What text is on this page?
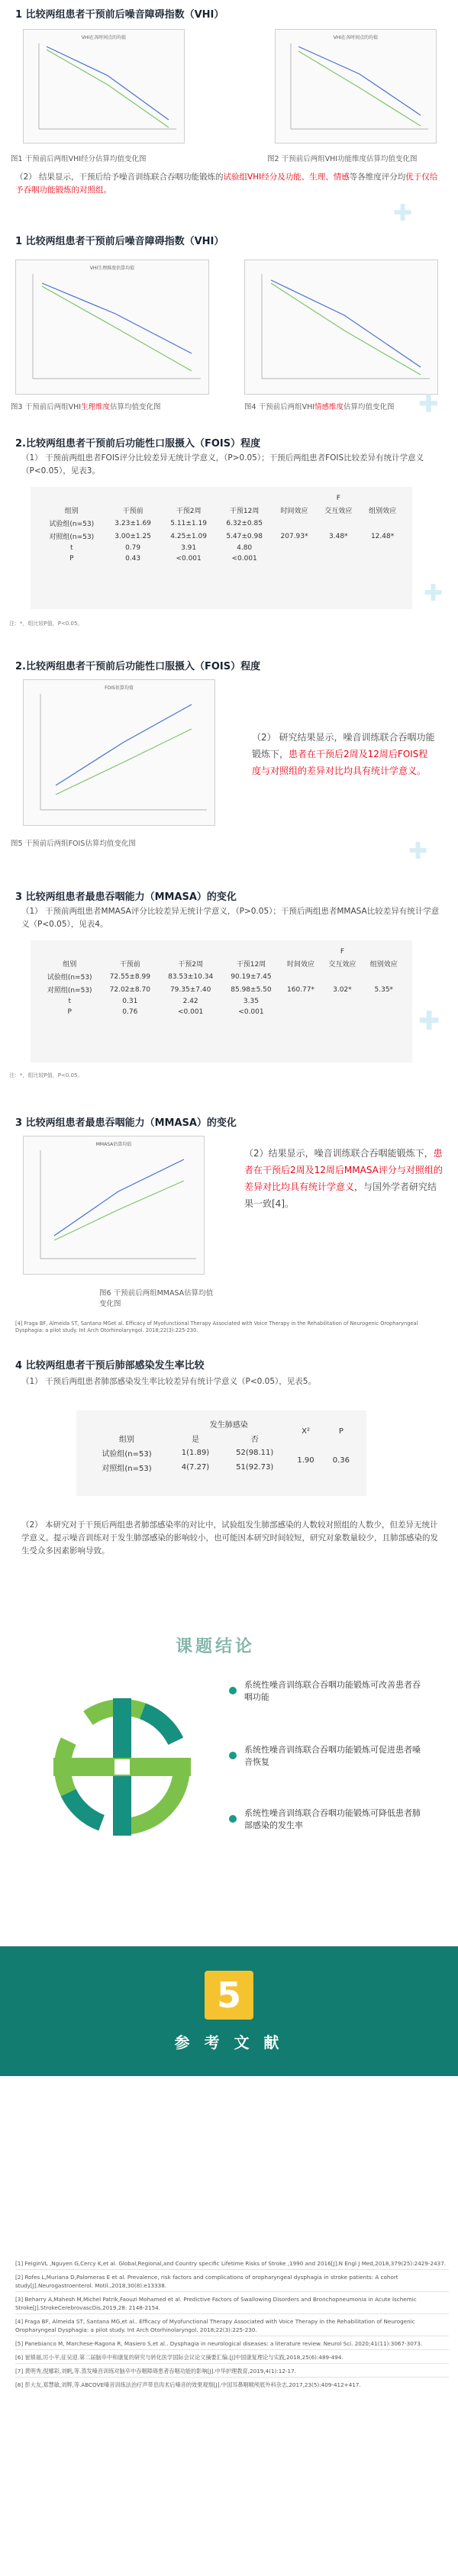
1 比较两组患者干预前后噪音障碍指数（VHI）
VHI在各时间点的均值	VHI在各时间点的均值
图1 干预前后两组VHI经分估算均值变化图	图2 干预前后两组VHI功能维度估算均值变化图
（2） 结果显示，干预后给予噪音训练联合吞咽功能锻炼的试验组VHI经分及功能、生理、情感等各维度评分均优于仅给予吞咽功能锻炼的对照组。
✚
1 比较两组患者干预前后噪音障碍指数（VHI）
VHI生理维度估算均值
图3 干预前后两组VHI生理维度估算均值变化图	图4 干预前后两组VHI情感维度估算均值变化图 ✚
2.比较两组患者干预前后功能性口服摄入（FOIS）程度
（1） 干预前两组患者FOIS评分比较差异无统计学意义，（P>0.05）；干预后两组患者FOIS比较差异有统计学意义（P<0.05），见表3。
				F		
组别	干预前	干预2周	干预12周	时间效应	交互效应	组别效应
试验组(n=53)	3.23±1.69	5.11±1.19	6.32±0.85			
对照组(n=53)	3.00±1.25	4.25±1.09	5.47±0.98	207.93*	3.48*	12.48*
t	0.79	3.91	4.80			
P	0.43	<0.001	<0.001			
注：*，组比较P值，P<0.05。
✚
2.比较两组患者干预前后功能性口服摄入（FOIS）程度
FOIS估算均值
（2） 研究结果显示，噪音训练联合吞咽功能锻炼下，患者在干预后2周及12周后FOIS程度与对照组的差异对比均具有统计学意义。
图5 干预前后两组FOIS估算均值变化图	✚
3 比较两组患者最患吞咽能力（MMASA）的变化
（1） 干预前两组患者MMASA评分比较差异无统计学意义，（P>0.05）；干预后两组患者MMASA比较差异有统计学意义（P<0.05），见表4。
				F		
组别	干预前	干预2周	干预12周	时间效应	交互效应	组别效应
试验组(n=53)	72.55±8.99	83.53±10.34	90.19±7.45			
对照组(n=53)	72.02±8.70	79.35±7.40	85.98±5.50	160.77*	3.02*	5.35*
t	0.31	2.42	3.35			
P	0.76	<0.001	<0.001			
注：*，组比较P值，P<0.05。
✚
3 比较两组患者最患吞咽能力（MMASA）的变化
MMASA估算均值
（2）结果显示，噪音训练联合吞咽能锻炼下，患者在干预后2周及12周后MMASA评分与对照组的差异对比均具有统计学意义，与国外学者研究结果一致[4]。
图6 干预前后两组MMASA估算均值变化图
[4] Fraga BF, Almeida ST, Santana MGet al. Efficacy of Myofunctional Therapy Associated with Voice Therapy in the Rehabilitation of Neurogenic Oropharyngeal Dysphagia: a pilot study. Int Arch Otorhinolaryngol. 2018;22(3):225-230.
4 比较两组患者干预后肺部感染发生率比较
（1） 干预后两组患者肺部感染发生率比较差异有统计学意义（P<0.05），见表5。
	发生肺感染		X²	P
组别	是	否		
试验组(n=53)	1(1.89)	52(98.11)	1.90	0.36
对照组(n=53)	4(7.27)	51(92.73)		
（2） 本研究对于干预后两组患者肺部感染率的对比中，试验组发生肺部感染的人数较对照组的人数少，但差异无统计学意义。提示噪音训练对于发生肺部感染的影响较小，也可能因本研究时间较短，研究对象数量较少，且肺部感染的发生受众多因素影响导致。
课题结论
系统性噪音训练联合吞咽功能锻炼可改善患者吞咽功能
系统性噪音训练联合吞咽功能锻炼可促进患者嗓音恢复
系统性噪音训练联合吞咽功能锻炼可降低患者肺部感染的发生率
5
参 考 文 献
[1] FeiginVL ,Nguyen G,Cercy K,et al. Global,Regional,and Country specific Lifetime Risks of Stroke ,1990 and 2016[J].N Engl J Med,2018,379(25):2429-2437.
[2] Rofes L,Muriana D,Palomeras E et al. Prevalence, risk factors and complications of oropharyngeal dysphagia in stroke patients: A cohort study[J].Neurogastroenterol. Motil.,2018,30(8):e13338.
[3] Beharry A,Mahesh M,Michel Patrik,Faouzi Mohamed et al. Predictive Factors of Swallowing Disorders and Bronchopneumonia in Acute Ischemic Stroke[J].StrokeCerebrovascDis,2019,28: 2148-2154.
[4] Fraga BF, Almeida ST, Santana MG,et al.. Efficacy of Myofunctional Therapy Associated with Voice Therapy in the Rehabilitation of Neurogenic Oropharyngeal Dysphagia: a pilot study. Int Arch Otorhinolaryngol. 2018;22(3):225-230.
[5] Panebianco M, Marchese-Ragona R, Masiero S,et al.. Dysphagia in neurological diseases: a literature review. Neurol Sci. 2020;41(11):3067-3073.
[6] 崔镇福,厉小平,征吴迎.第二届脑卒中和康复的研究与转化医学国际会议论文摘要汇编.[J]中国康复理论与实践,2018,25(6):489-494.
[7] 黄明秀,倪娜彩,刘帆,等.蒸发嗓音训练对脑卒中吞咽障碍患者吞咽功能的影响[J].中华护理教育,2019,4(1):12-17.
[8] 彭大友,郑慧敏,刘辉,等.ABCOVE嗓音训练法治疗声带息肉术后嗓音的效果观察[J].中国耳鼻咽喉颅底外科杂志,2017,23(5):409-412+417.
